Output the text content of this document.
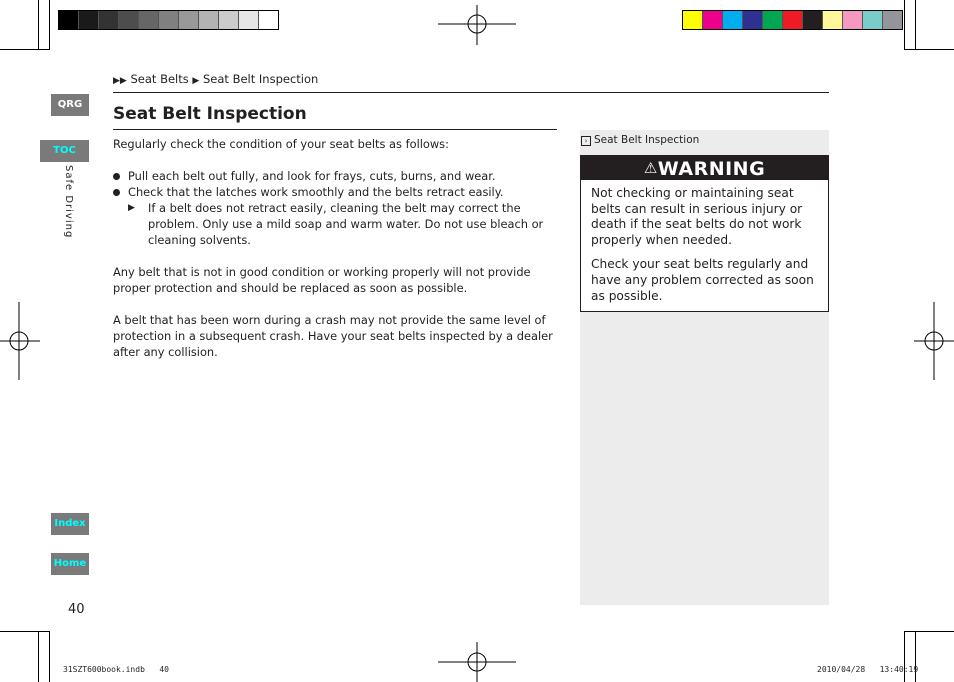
QRG
TOC
Safe Driving
Index
Home
▶▶ Seat Belts ▶ Seat Belt Inspection
Seat Belt Inspection

Regularly check the condition of your seat belts as follows:

Pull each belt out fully, and look for frays, cuts, burns, and wear.
Check that the latches work smoothly and the belts retract easily.
▶ If a belt does not retract easily, cleaning the belt may correct the problem. Only use a mild soap and warm water. Do not use bleach or cleaning solvents.

Any belt that is not in good condition or working properly will not provide proper protection and should be replaced as soon as possible.

A belt that has been worn during a crash may not provide the same level of protection in a subsequent crash. Have your seat belts inspected by a dealer after any collision.

› Seat Belt Inspection
⚠WARNING

Not checking or maintaining seat belts can result in serious injury or death if the seat belts do not work properly when needed.

Check your seat belts regularly and have any problem corrected as soon as possible.

40
31SZT600book.indb   40	2010/04/28   13:40:19
